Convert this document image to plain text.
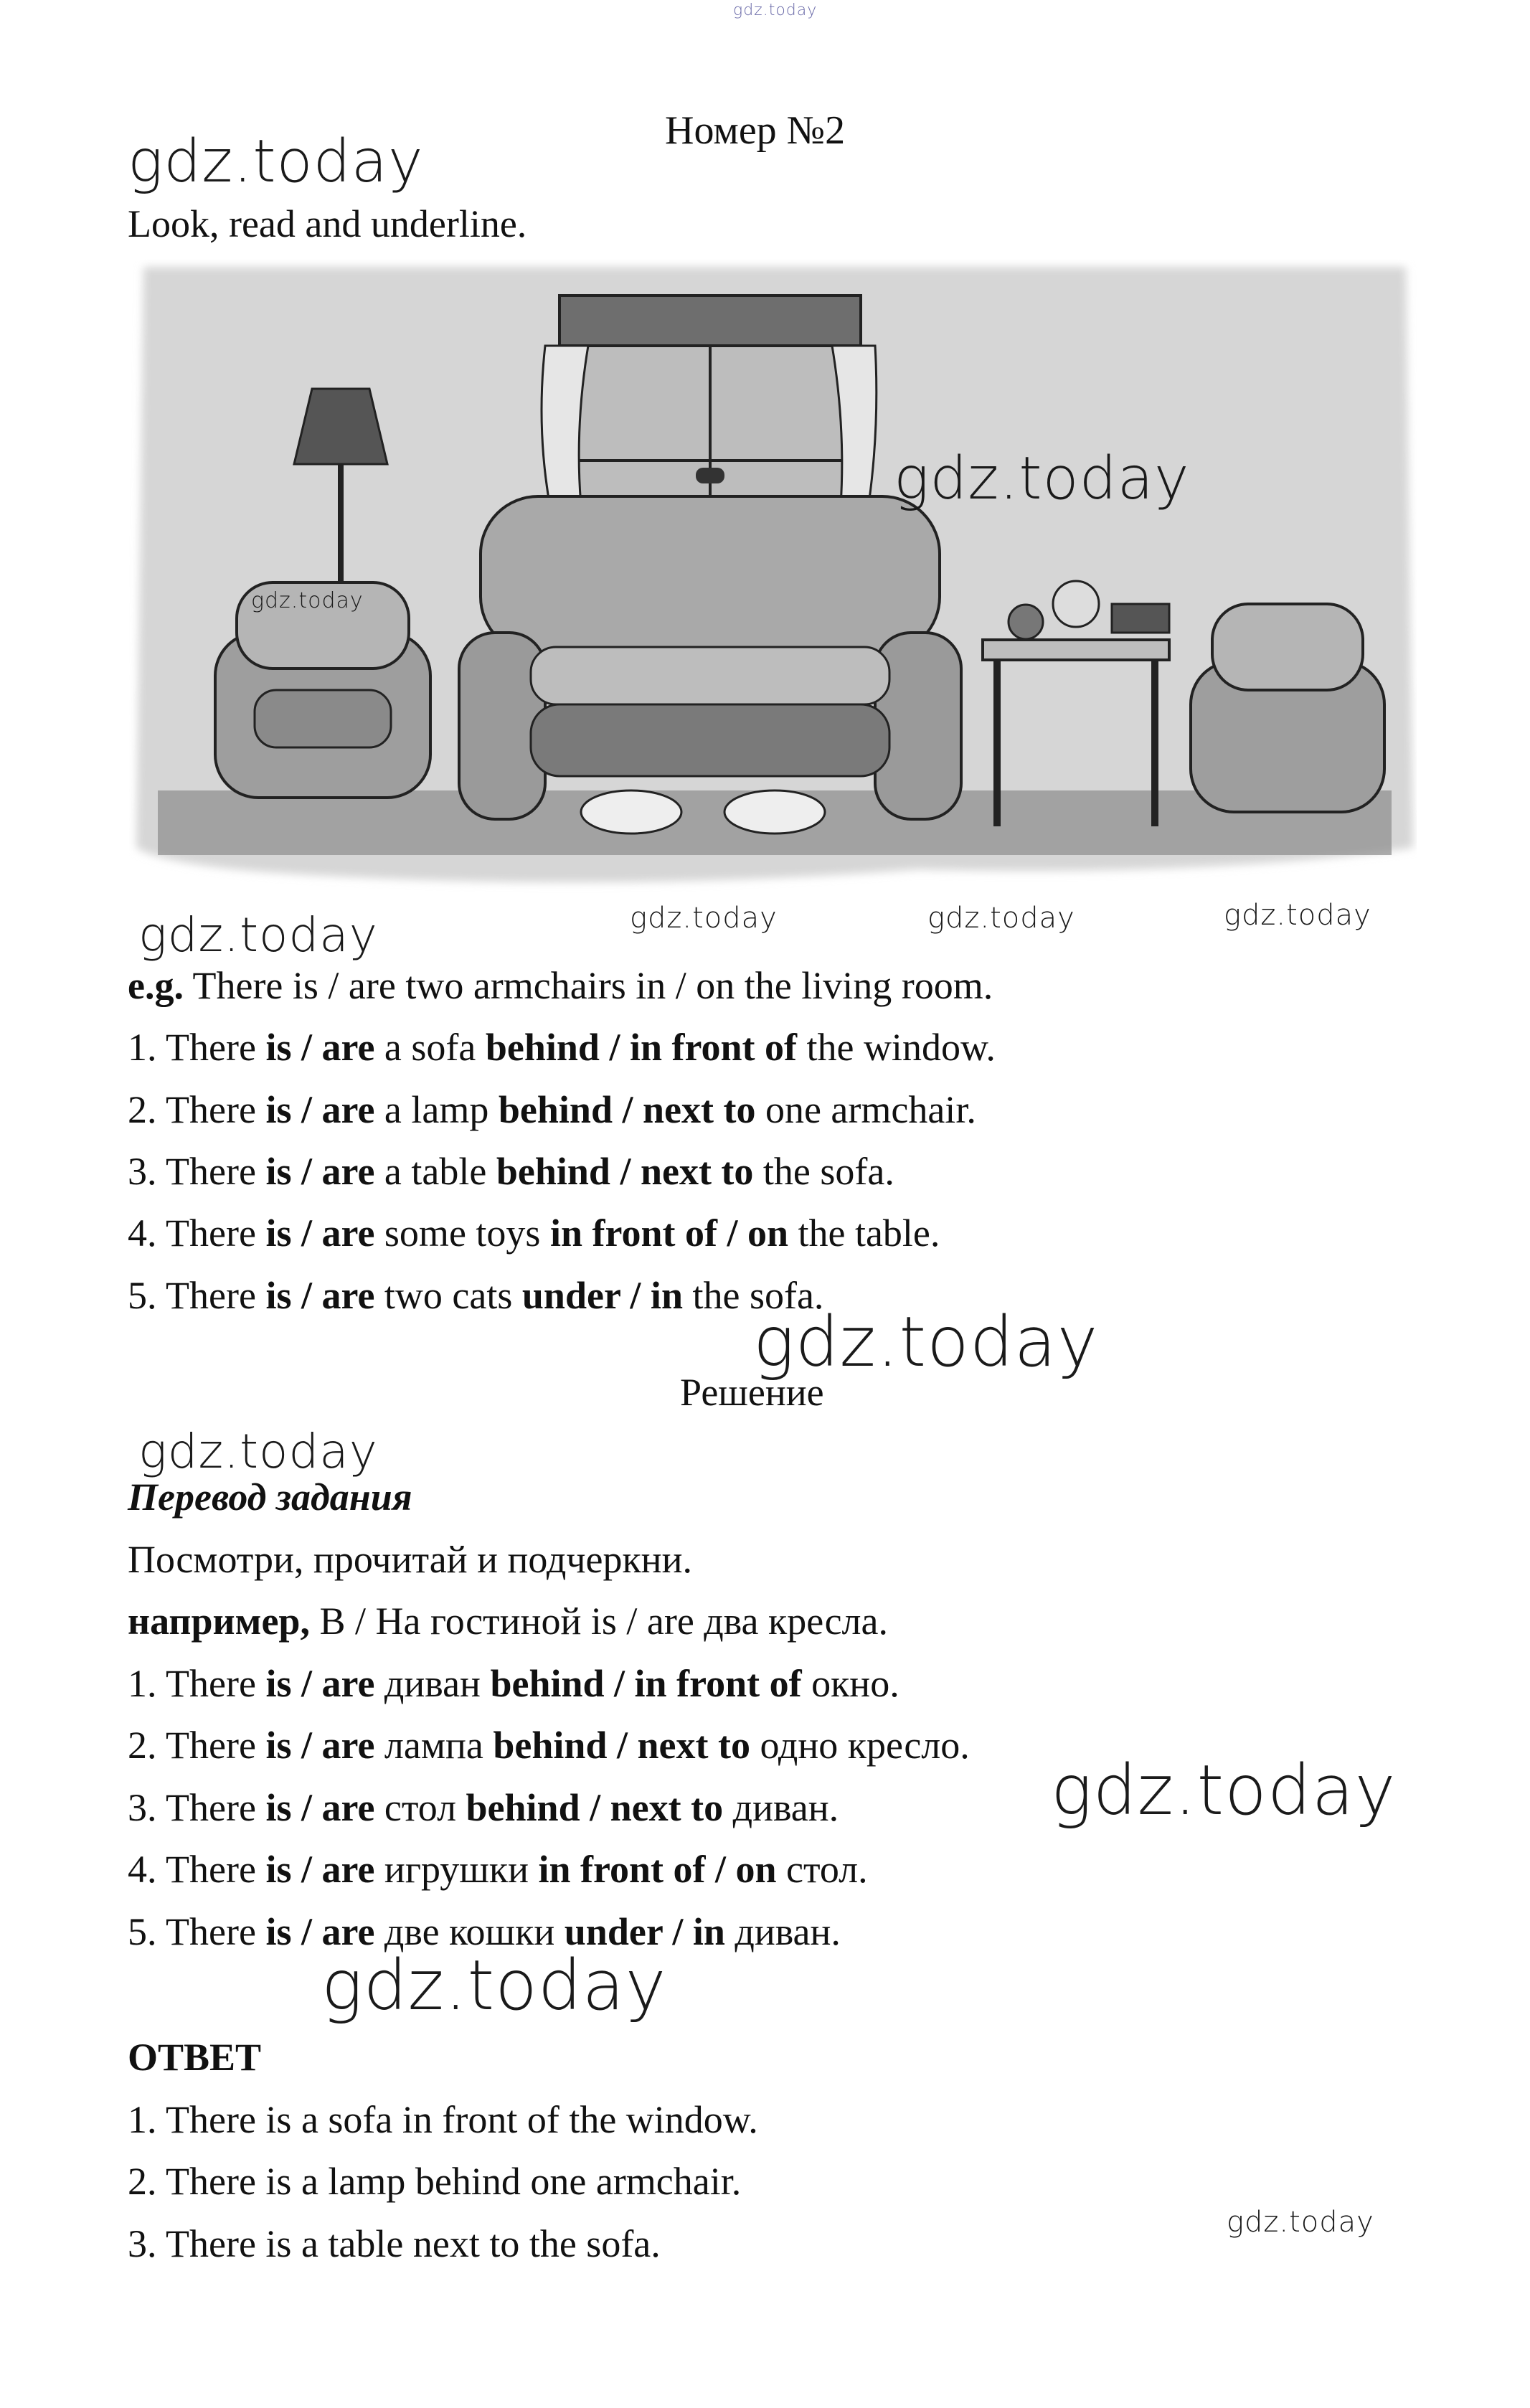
gdz.today
Номер №2
gdz.today
Look, read and underline.
gdz.today
gdz.today
gdz.today	gdz.today	gdz.today	gdz.today
e.g. There is / are two armchairs in / on the living room.
1. There is / are a sofa behind / in front of the window.
2. There is / are a lamp behind / next to one armchair.
3. There is / are a table behind / next to the sofa.
4. There is / are some toys in front of / on the table.
5. There is / are two cats under / in the sofa.
gdz.today
Решение
gdz.today
Перевод задания
Посмотри, прочитай и подчеркни.
например, В / На гостиной is / are два кресла.
1. There is / are диван behind / in front of окно.
2. There is / are лампа behind / next to одно кресло.
3. There is / are стол behind / next to диван.
4. There is / are игрушки in front of / on стол.
5. There is / are две кошки under / in диван.
gdz.today
gdz.today
ОТВЕТ
1. There is a sofa in front of the window.
2. There is a lamp behind one armchair.
3. There is a table next to the sofa.	gdz.today
